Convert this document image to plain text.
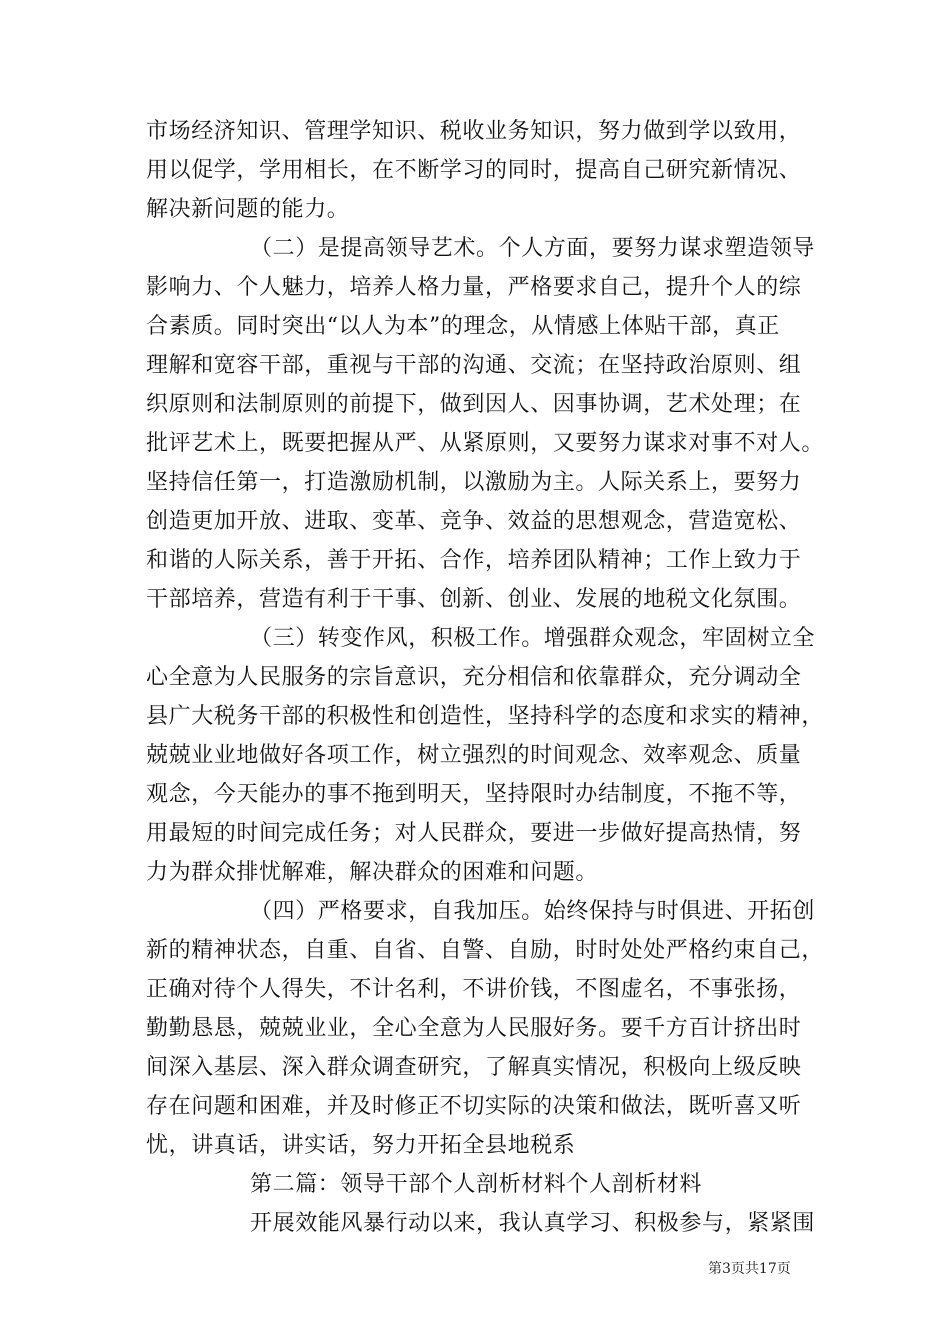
市场经济知识、管理学知识、税收业务知识，努力做到学以致用，
用以促学，学用相长，在不断学习的同时，提高自己研究新情况、
解决新问题的能力。
（二）是提高领导艺术。个人方面，要努力谋求塑造领导
影响力、个人魅力，培养人格力量，严格要求自己，提升个人的综
合素质。同时突出“以人为本”的理念，从情感上体贴干部，真正
理解和宽容干部，重视与干部的沟通、交流；在坚持政治原则、组
织原则和法制原则的前提下，做到因人、因事协调，艺术处理；在
批评艺术上，既要把握从严、从紧原则，又要努力谋求对事不对人。
坚持信任第一，打造激励机制，以激励为主。人际关系上，要努力
创造更加开放、进取、变革、竞争、效益的思想观念，营造宽松、
和谐的人际关系，善于开拓、合作，培养团队精神；工作上致力于
干部培养，营造有利于干事、创新、创业、发展的地税文化氛围。
（三）转变作风，积极工作。增强群众观念，牢固树立全
心全意为人民服务的宗旨意识，充分相信和依靠群众，充分调动全
县广大税务干部的积极性和创造性，坚持科学的态度和求实的精神，
兢兢业业地做好各项工作，树立强烈的时间观念、效率观念、质量
观念，今天能办的事不拖到明天，坚持限时办结制度，不拖不等，
用最短的时间完成任务；对人民群众，要进一步做好提高热情，努
力为群众排忧解难，解决群众的困难和问题。
（四）严格要求，自我加压。始终保持与时俱进、开拓创
新的精神状态，自重、自省、自警、自励，时时处处严格约束自己，
正确对待个人得失，不计名利，不讲价钱，不图虚名，不事张扬，
勤勤恳恳，兢兢业业，全心全意为人民服好务。要千方百计挤出时
间深入基层、深入群众调查研究，了解真实情况，积极向上级反映
存在问题和困难，并及时修正不切实际的决策和做法，既听喜又听
忧，讲真话，讲实话，努力开拓全县地税系
第二篇：领导干部个人剖析材料个人剖析材料
开展效能风暴行动以来，我认真学习、积极参与，紧紧围
第3页共17页
